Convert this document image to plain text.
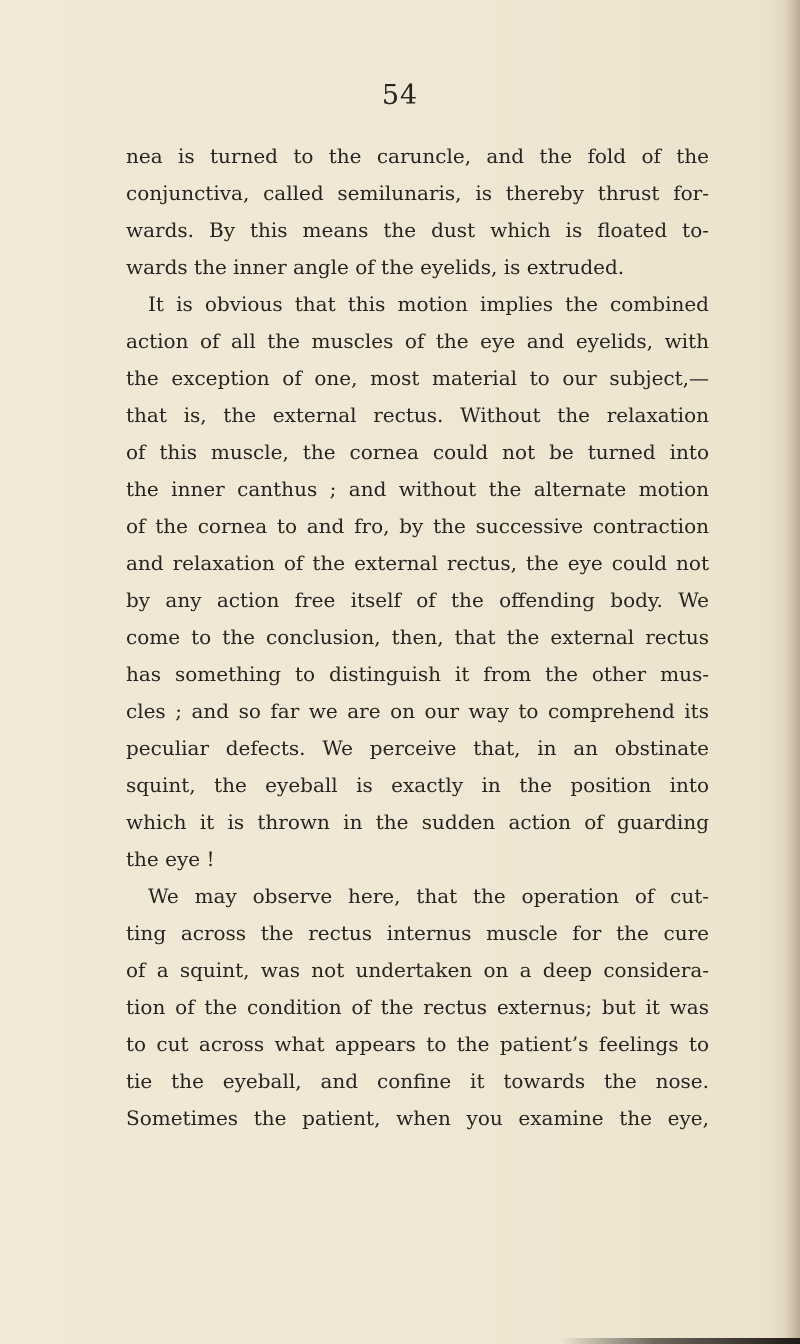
54
nea is turned to the caruncle, and the fold of the
conjunctiva, called semilunaris, is thereby thrust for-
wards. By this means the dust which is floated to-
wards the inner angle of the eyelids, is extruded.
It is obvious that this motion implies the combined
action of all the muscles of the eye and eyelids, with
the exception of one, most material to our subject,—
that is, the external rectus. Without the relaxation
of this muscle, the cornea could not be turned into
the inner canthus ; and without the alternate motion
of the cornea to and fro, by the successive contraction
and relaxation of the external rectus, the eye could not
by any action free itself of the offending body. We
come to the conclusion, then, that the external rectus
has something to distinguish it from the other mus-
cles ; and so far we are on our way to comprehend its
peculiar defects. We perceive that, in an obstinate
squint, the eyeball is exactly in the position into
which it is thrown in the sudden action of guarding
the eye !
We may observe here, that the operation of cut-
ting across the rectus internus muscle for the cure
of a squint, was not undertaken on a deep considera-
tion of the condition of the rectus externus; but it was
to cut across what appears to the patient’s feelings to
tie the eyeball, and confine it towards the nose.
Sometimes the patient, when you examine the eye,
